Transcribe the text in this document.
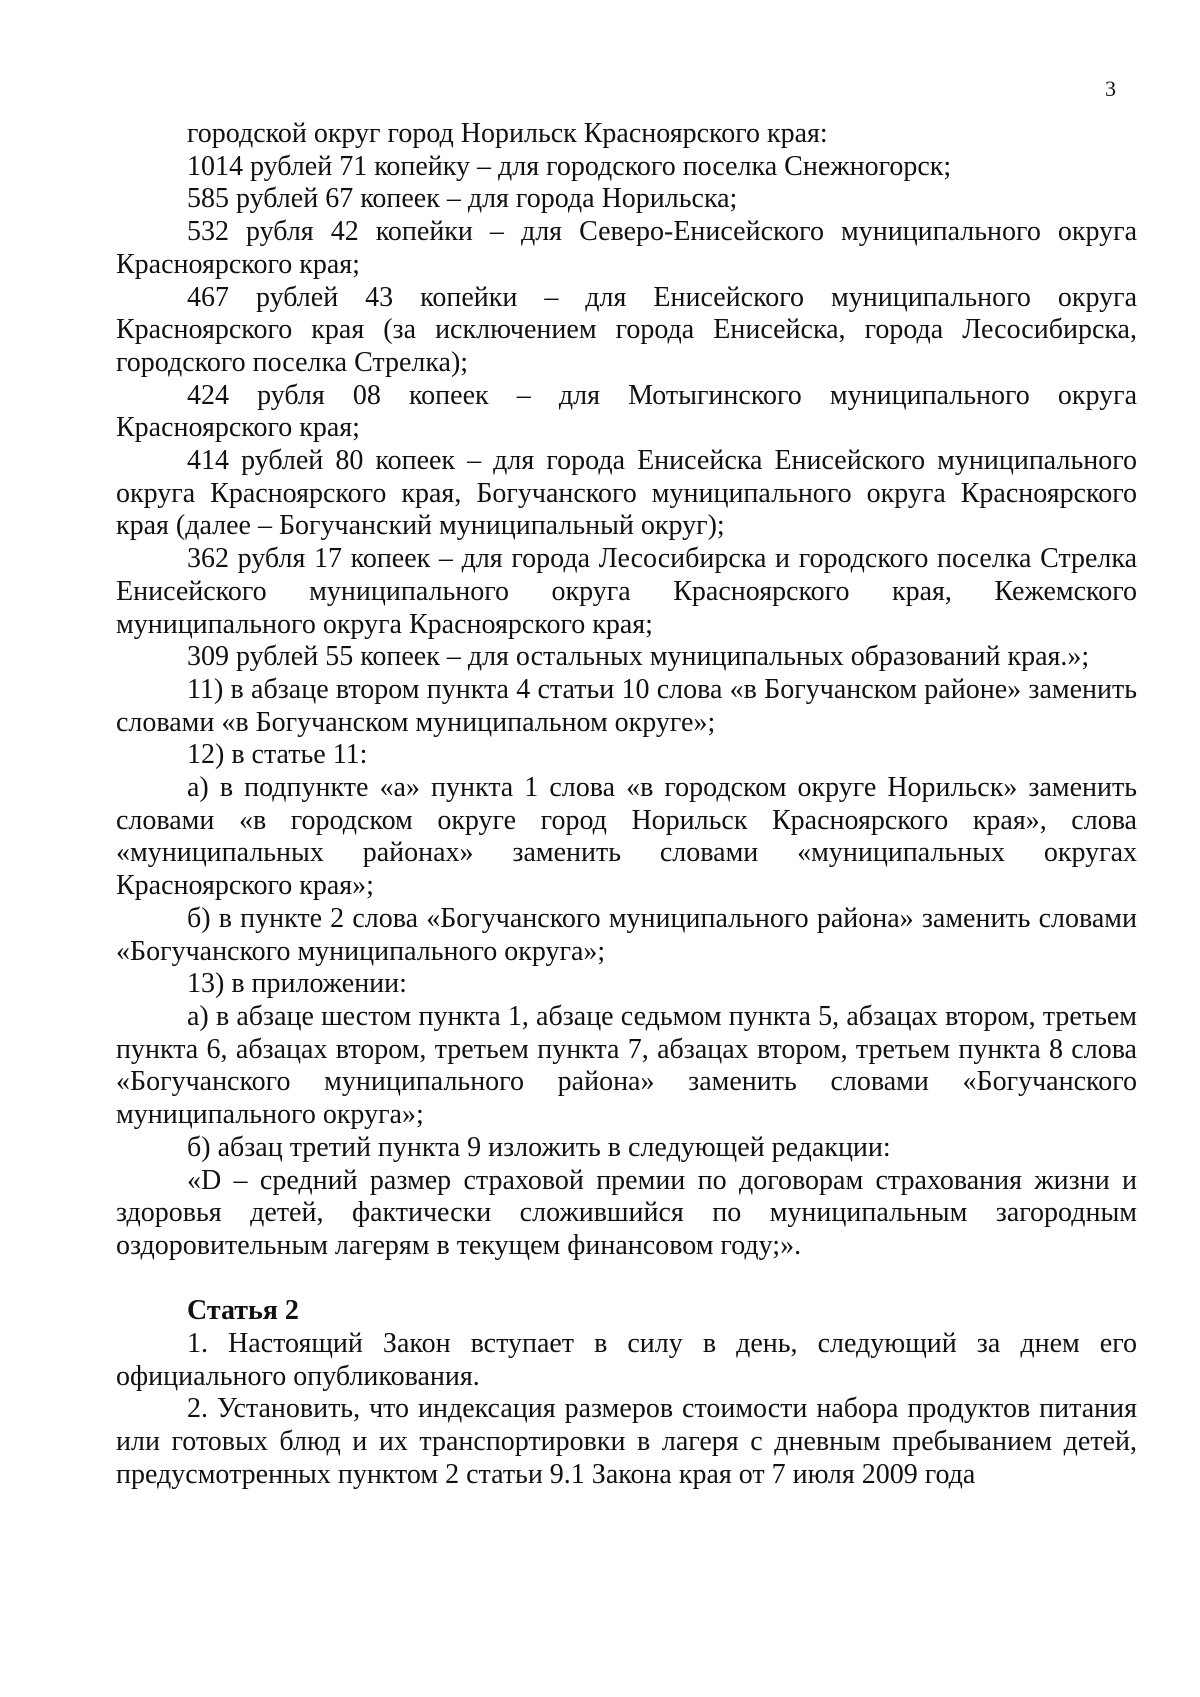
3

городской округ город Норильск Красноярского края:

1014 рублей 71 копейку – для городского поселка Снежногорск;

585 рублей 67 копеек – для города Норильска;

532 рубля 42 копейки – для Северо-Енисейского муниципального округа Красноярского края;

467 рублей 43 копейки – для Енисейского муниципального округа Красноярского края (за исключением города Енисейска, города Лесосибирска, городского поселка Стрелка);

424 рубля 08 копеек – для Мотыгинского муниципального округа Красноярского края;

414 рублей 80 копеек – для города Енисейска Енисейского муниципального округа Красноярского края, Богучанского муниципального округа Красноярского края (далее – Богучанский муниципальный округ);

362 рубля 17 копеек – для города Лесосибирска и городского поселка Стрелка Енисейского муниципального округа Красноярского края, Кежемского муниципального округа Красноярского края;

309 рублей 55 копеек – для остальных муниципальных образований края.»;

11) в абзаце втором пункта 4 статьи 10 слова «в Богучанском районе» заменить словами «в Богучанском муниципальном округе»;

12) в статье 11:

а) в подпункте «а» пункта 1 слова «в городском округе Норильск» заменить словами «в городском округе город Норильск Красноярского края», слова «муниципальных районах» заменить словами «муниципальных округах Красноярского края»;

б) в пункте 2 слова «Богучанского муниципального района» заменить словами «Богучанского муниципального округа»;

13) в приложении:

а) в абзаце шестом пункта 1, абзаце седьмом пункта 5, абзацах втором, третьем пункта 6, абзацах втором, третьем пункта 7, абзацах втором, третьем пункта 8 слова «Богучанского муниципального района» заменить словами «Богучанского муниципального округа»;

б) абзац третий пункта 9 изложить в следующей редакции:

«D – средний размер страховой премии по договорам страхования жизни и здоровья детей, фактически сложившийся по муниципальным загородным оздоровительным лагерям в текущем финансовом году;».

Статья 2

1. Настоящий Закон вступает в силу в день, следующий за днем его официального опубликования.

2. Установить, что индексация размеров стоимости набора продуктов питания или готовых блюд и их транспортировки в лагеря с дневным пребыванием детей, предусмотренных пунктом 2 статьи 9.1 Закона края от 7 июля 2009 года
